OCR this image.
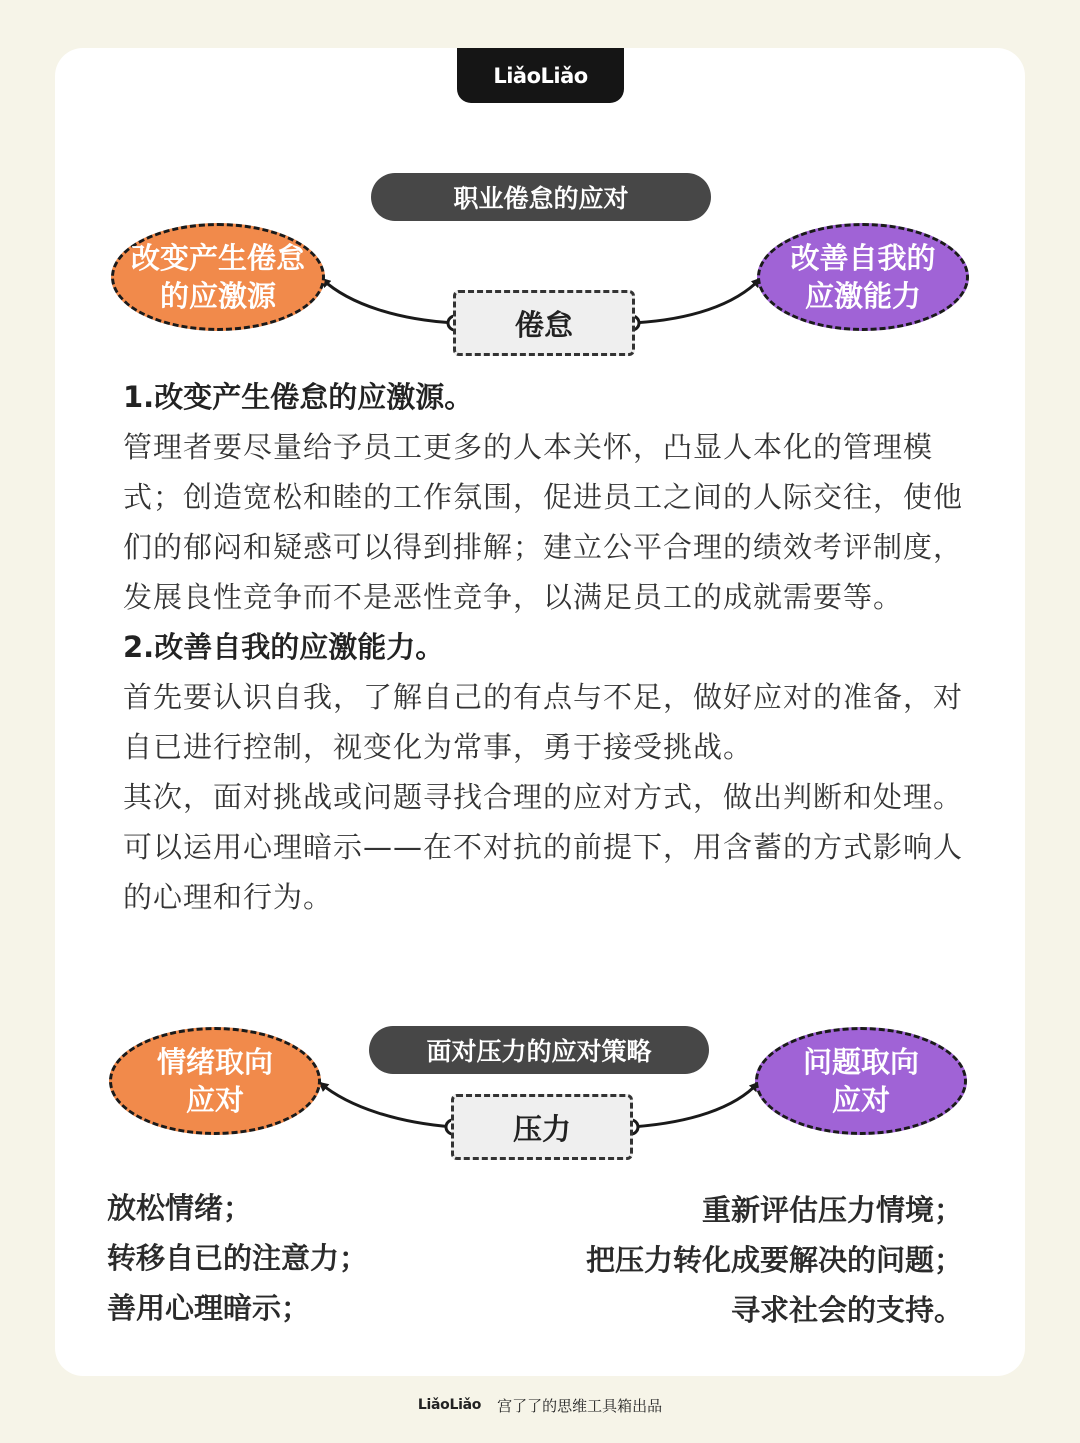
LiǎoLiǎo
职业倦怠的应对
改变产生倦怠的应激源
倦怠
改善自我的应激能力

1.改变产生倦怠的应激源。

管理者要尽量给予员工更多的人本关怀，凸显人本化的管理模式；创造宽松和睦的工作氛围，促进员工之间的人际交往，使他们的郁闷和疑惑可以得到排解；建立公平合理的绩效考评制度，发展良性竞争而不是恶性竞争，以满足员工的成就需要等。

2.改善自我的应激能力。

首先要认识自我，了解自己的有点与不足，做好应对的准备，对自已进行控制，视变化为常事，勇于接受挑战。

其次，面对挑战或问题寻找合理的应对方式，做出判断和处理。可以运用心理暗示——在不对抗的前提下，用含蓄的方式影响人的心理和行为。

面对压力的应对策略
情绪取向应对
压力
问题取向应对
放松情绪；
转移自已的注意力；
善用心理暗示；
重新评估压力情境；
把压力转化成要解决的问题；
寻求社会的支持。
LiǎoLiǎo 宫了了的思维工具箱出品
